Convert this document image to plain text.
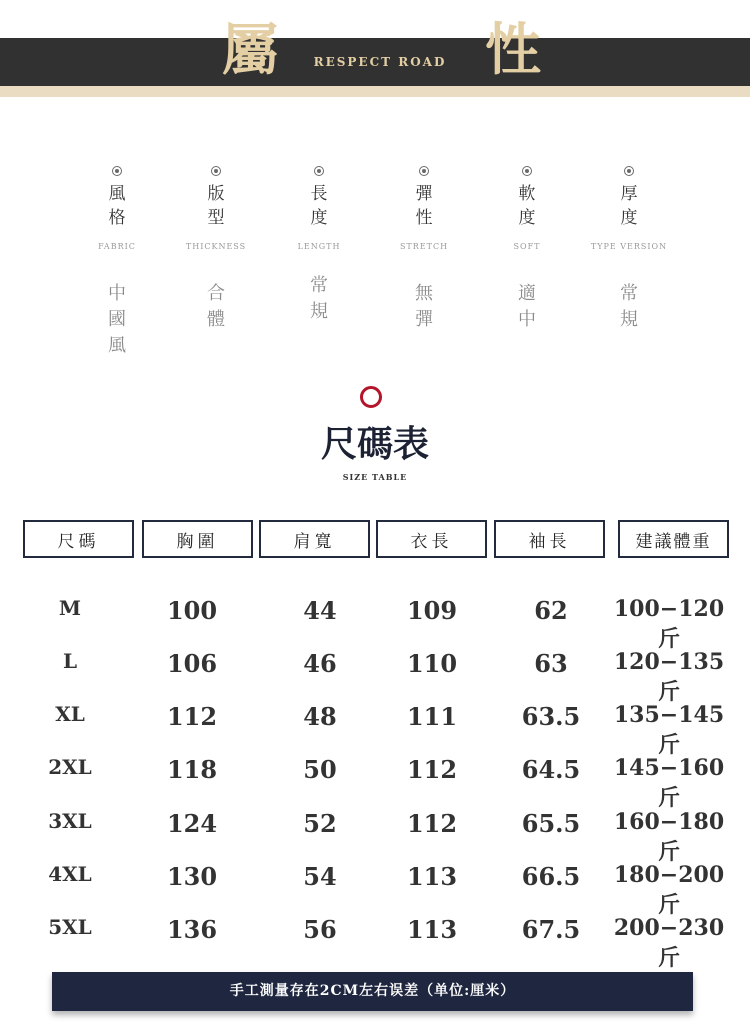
屬	RESPECT ROAD 性
風格
FABRIC
中國風
版型
THICKNESS
合體
長度
LENGTH
常規
彈性
STRETCH
無彈
軟度
SOFT
適中
厚度
TYPE VERSION
常規
尺碼表
SIZE TABLE
尺碼	胸圍	肩寬	衣長	袖長	建議體重
M	100	44	109	62	100−120斤
L	106	46	110	63	120−135斤
XL	112	48	111	63.5	135−145斤
2XL	118	50	112	64.5	145−160斤
3XL	124	52	112	65.5	160−180斤
4XL	130	54	113	66.5	180−200斤
5XL	136	56	113	67.5	200−230斤
手工測量存在2CM左右误差（单位:厘米）
